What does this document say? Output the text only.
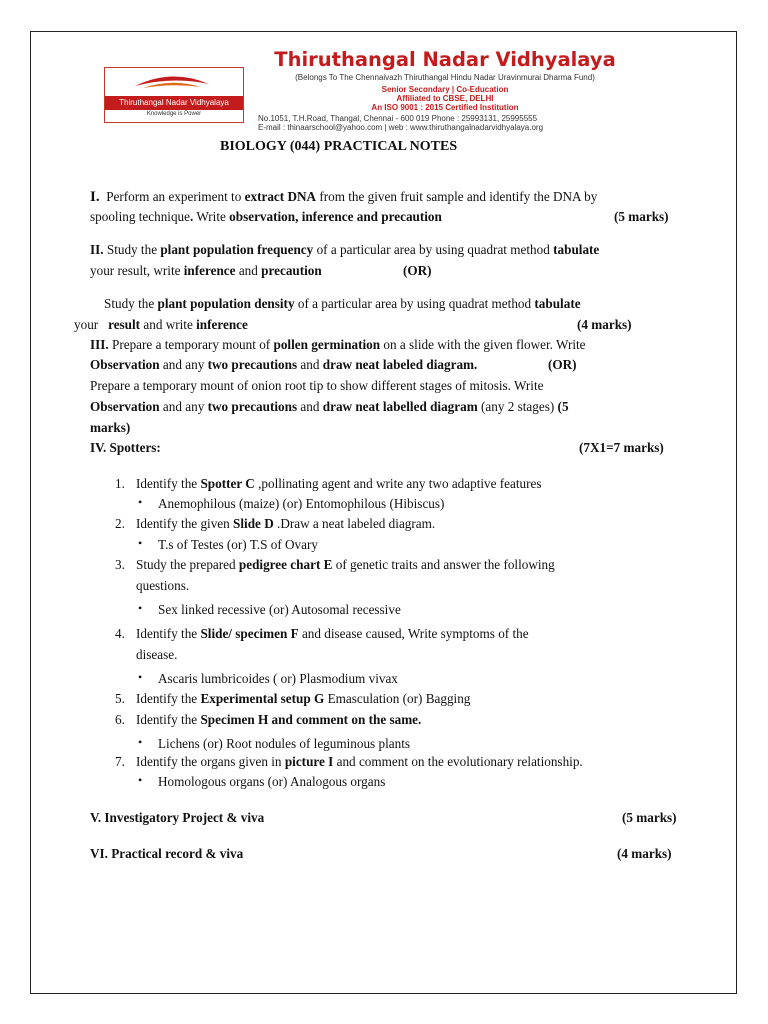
Thiruthangal Nadar Vidhyalaya
Knowledge is Power
Thiruthangal Nadar Vidhyalaya
(Belongs To The Chennaivazh Thiruthangal Hindu Nadar Uravinmurai Dharma Fund)
Senior Secondary | Co-Education
Affiliated to CBSE, DELHI
An ISO 9001 : 2015 Certified Institution
No.1051, T.H.Road, Thangal, Chennai - 600 019 Phone : 25993131, 25995555
E-mail : thinaarschool@yahoo.com | web : www.thiruthangalnadarvidhyalaya.org
BIOLOGY (044) PRACTICAL NOTES
I. Perform an experiment to extract DNA from the given fruit sample and identify the DNA by
spooling technique. Write observation, inference and precaution	(5 marks)
II. Study the plant population frequency of a particular area by using quadrat method tabulate
your result, write inference and precaution	(OR)
Study the plant population density of a particular area by using quadrat method tabulate
your   result and write inference	(4 marks)
III. Prepare a temporary mount of pollen germination on a slide with the given flower. Write
Observation and any two precautions and draw neat labeled diagram.	(OR)
Prepare a temporary mount of onion root tip to show different stages of mitosis. Write
Observation and any two precautions and draw neat labelled diagram (any 2 stages) (5
marks)
IV. Spotters:	(7X1=7 marks)
1. Identify the Spotter C ,pollinating agent and write any two adaptive features
• Anemophilous (maize) (or) Entomophilous (Hibiscus)
2. Identify the given Slide D .Draw a neat labeled diagram.
• T.s of Testes (or) T.S of Ovary
3. Study the prepared pedigree chart E of genetic traits and answer the following
questions.
• Sex linked recessive (or) Autosomal recessive
4. Identify the Slide/ specimen F and disease caused, Write symptoms of the
disease.
• Ascaris lumbricoides ( or) Plasmodium vivax
5. Identify the Experimental setup G Emasculation (or) Bagging
6. Identify the Specimen H and comment on the same.
• Lichens (or) Root nodules of leguminous plants
7. Identify the organs given in picture I and comment on the evolutionary relationship.
• Homologous organs (or) Analogous organs
V. Investigatory Project & viva	(5 marks)
VI. Practical record & viva	(4 marks)
